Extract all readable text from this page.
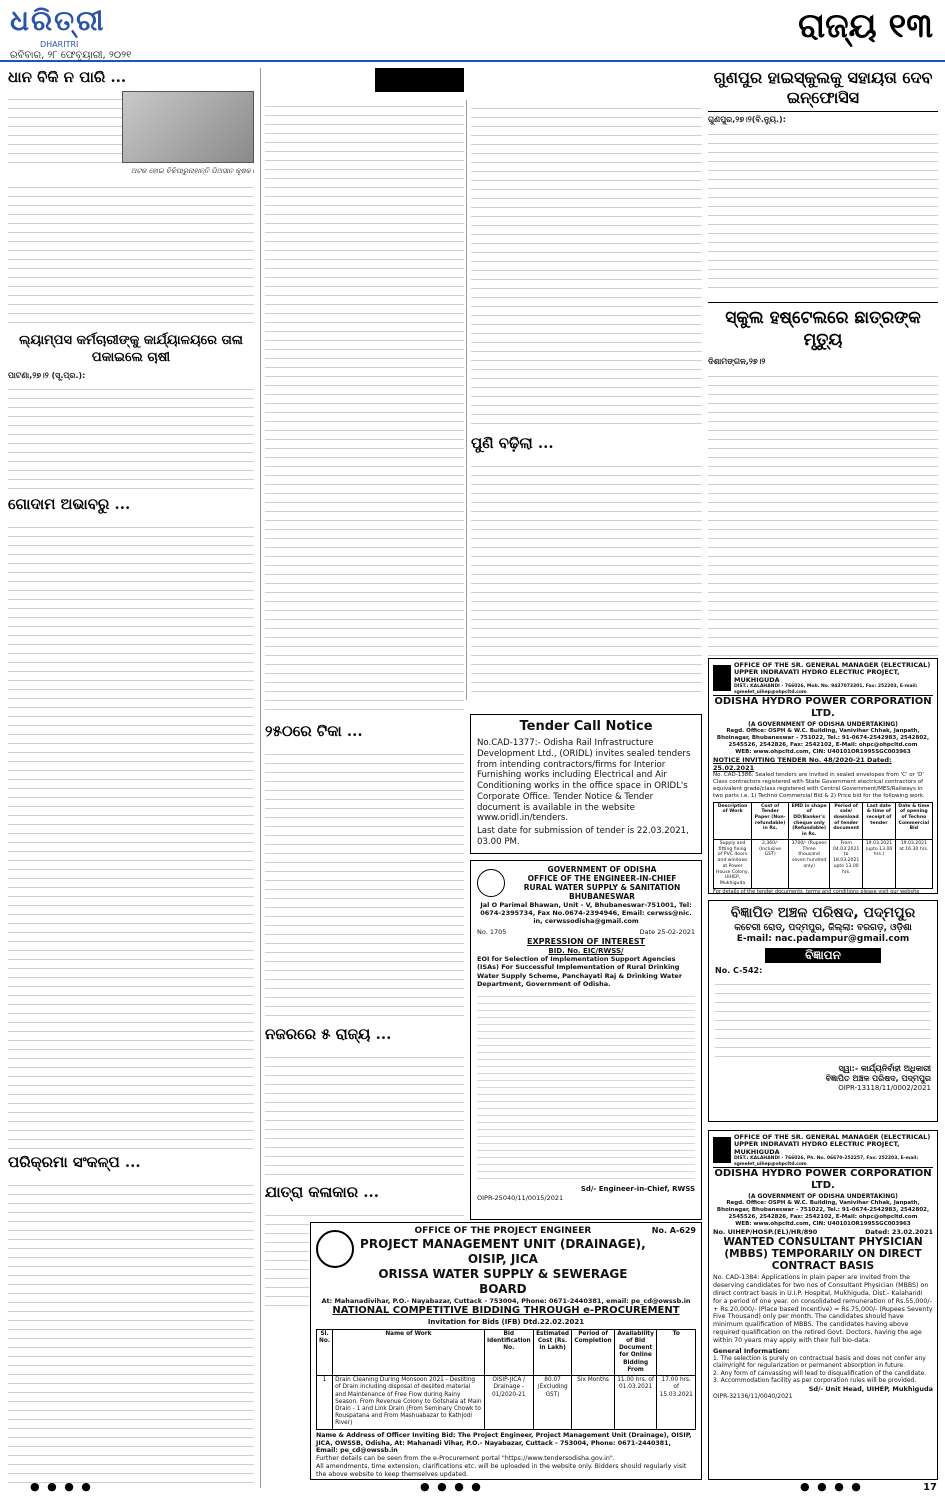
ଧରିତ୍ରୀ
DHARITRI
ରବିବାର, ୨୮ ଫେବୃୟାରୀ, ୨୦୨୧
ରାଜ୍ୟ ୧୩
ଧାନ ବିକି ନ ପାରି ...
ଅଟକ ହୋଇ ବିକିପାରୁନାହାନ୍ତି ପିଅସାନ କୃଷକ।
ଲ୍ୟାମ୍ପସ କର୍ମଚାରୀଙ୍କୁ କାର୍ଯ୍ୟାଳୟରେ ତାଳା ପକାଇଲେ ଚାଷୀ
ପାଟଣା,୨୭।୨ (ସୂ.ପ୍ର.):
ଗୋଦାମ ଅଭାବରୁ ...
ପରିକ୍ରମା ସଂକଳ୍ପ ...
୨୫୦ରେ ଟିକା ...
ନଜରରେ ୫ ରାଜ୍ୟ ...
ଯାତ୍ରା କଳାକାର ...
ପୁଣି ବଢ଼ିଲା ...
Tender Call Notice
No.CAD-1377:- Odisha Rail Infrastructure Development Ltd., (ORIDL) invites sealed tenders from intending contractors/firms for Interior Furnishing works including Electrical and Air Conditioning works in the office space in ORIDL's Corporate Office. Tender Notice & Tender document is available in the website www.oridl.in/tenders.
Last date for submission of tender is 22.03.2021, 03.00 PM.
GOVERNMENT OF ODISHA
OFFICE OF THE ENGINEER-IN-CHIEF
RURAL WATER SUPPLY & SANITATION
BHUBANESWAR
Jal O Parimal Bhawan, Unit - V, Bhubaneswar-751001, Tel: 0674-2395734, Fax No.0674-2394946, Email: cerwss@nic. in, cerwssodisha@gmail.com
No. 1705	Date 25-02-2021
EXPRESSION OF INTEREST
BID. No. EIC/RWSS/
EOI for Selection of Implementation Support Agencies (ISAs) For Successful Implementation of Rural Drinking Water Supply Scheme, Panchayati Raj & Drinking Water Department, Government of Odisha.
Sd/- Engineer-in-Chief, RWSS
OIPR-25040/11/0015/2021
ଗୁଣପୁର ହାଇସ୍କୁଲକୁ ସହାୟତା ଦେବ ଇନ୍‌ଫୋସିସ
ଗୁଣପୁର,୨୭।୨(ବି.ନ୍ୟୁ.):
ସ୍କୁଲ ହଷ୍ଟେଲରେ ଛାତ୍ରଙ୍କ ମୃତ୍ୟୁ
ଦିଶାମଙ୍ଗଳ,୨୭।୨
OFFICE OF THE SR. GENERAL MANAGER (ELECTRICAL)
UPPER INDRAVATI HYDRO ELECTRIC PROJECT, MUKHIGUDA
DIST.: KALAHANDI - 766026, Mob. No. 9437073301, Fax: 252203, E-mail: sgmelet_uihep@ohpcltd.com
ODISHA HYDRO POWER CORPORATION LTD.
(A GOVERNMENT OF ODISHA UNDERTAKING)
Regd. Office: OSPH & W.C. Building, Vanivihar Chhak, Janpath, Bhoinagar, Bhubaneswar - 751022, Tel.: 91-0674-2542983, 2542802, 2545526, 2542826, Fax: 2542102, E-Mail: ohpc@ohpcltd.com
WEB: www.ohpcltd.com, CIN: U40101OR1995SGC003963
NOTICE INVITING TENDER No. 48/2020-21 Dated: 25.02.2021
No. CAD-1386: Sealed tenders are invited in sealed envelopes from 'C' or 'D' Class contractors registered with State Government electrical contractors of equivalent grade/class registered with Central Government/MES/Railways in two parts i.e. 1) Techno Commercial Bid & 2) Price bid for the following work.
Description of Work	Cost of Tender Paper (Non-refundable) in Rs.	EMD in shape of DD/Banker's cheque only (Refundable) in Rs.	Period of sale/ download of tender document	Last date & time of receipt of tender	Date & time of opening of Techno Commercial Bid
Supply and fitting fixing of PVC doors and windows at Power House Colony, UIHEP, Mukhiguda	2,360/- (Inclusive GST)	3700/- (Rupees Three thousand seven hundred only)	From 04.03.2021 to 18.03.2021 upto 13.00 hrs.	19.03.2021 (upto 13.00 hrs.)	19.03.2021 at 16.30 hrs.
For details of the tender documents, terms and conditions please visit our website
ବିଜ୍ଞାପିତ ଅଞ୍ଚଳ ପରିଷଦ, ପଦ୍ମପୁର
କଚେରୀ ରୋଡ୍, ପଦ୍ମପୁର, ଜିଲ୍ଲା: ବରଗଡ଼, ଓଡ଼ିଶା
E-mail: nac.padampur@gmail.com
ବିଜ୍ଞାପନ
No. C-542:
ସ୍ୱା:- କାର୍ଯ୍ୟନିର୍ବାହୀ ଅଧିକାରୀ
ବିଜ୍ଞାପିତ ଅଞ୍ଚଳ ପରିଷଦ, ପଦ୍ମପୁର
OIPR-13118/11/0002/2021
OFFICE OF THE SR. GENERAL MANAGER (ELECTRICAL)
UPPER INDRAVATI HYDRO ELECTRIC PROJECT, MUKHIGUDA
DIST.: KALAHANDI - 766026, Ph. No. 06670-252257, Fax: 252203, E-mail: sgmelet_uihep@ohpcltd.com
ODISHA HYDRO POWER CORPORATION LTD.
(A GOVERNMENT OF ODISHA UNDERTAKING)
Regd. Office: OSPH & W.C. Building, Vanivihar Chhak, Janpath, Bhoinagar, Bhubaneswar - 751022, Tel.: 91-0674-2542983, 2542802, 2545526, 2542826, Fax: 2542102, E-Mail: ohpc@ohpcltd.com
WEB: www.ohpcltd.com, CIN: U40101OR1995SGC003963
No. UIHEP/HOSP.(EL)/HR/890	Dated: 23.02.2021
WANTED CONSULTANT PHYSICIAN (MBBS) TEMPORARILY ON DIRECT CONTRACT BASIS
No. CAD-1384: Applications in plain paper are invited from the deserving candidates for two nos of Consultant Physician (MBBS) on direct contract basis in U.I.P. Hospital, Mukhiguda, Dist.- Kalahandi for a period of one year. on consolidated remuneration of Rs.55,000/- + Rs.20,000/- (Place based Incentive) = Rs.75,000/- (Rupees Seventy Five Thousand) only per month. The candidates should have minimum qualification of MBBS. The candidates having above required qualification on the retired Govt. Doctors, having the age within 70 years may apply with their full bio-data.
General Information:
1. The selection is purely on contractual basis and does not confer any claim/right for regularization or permanent absorption in future.
2. Any form of canvassing will lead to disqualification of the candidate.
3. Accommodation facility as per corporation rules will be provided.
Sd/- Unit Head, UIHEP, Mukhiguda
OIPR-32136/11/0040/2021
OFFICE OF THE PROJECT ENGINEER
PROJECT MANAGEMENT UNIT (DRAINAGE), OISIP, JICA
ORISSA WATER SUPPLY & SEWERAGE BOARD
No. A-629
At: Mahanadivihar, P.O.- Nayabazar, Cuttack - 753004, Phone: 0671-2440381, email: pe_cd@owssb.in
NATIONAL COMPETITIVE BIDDING THROUGH e-PROCUREMENT
Invitation for Bids (IFB) Dtd.22.02.2021
Sl. No.	Name of Work	Bid Identification No.	Estimated Cost (Rs. in Lakh)	Period of Completion	Availability of Bid Document for Online Bidding From	To
1	Drain Cleaning During Monsoon 2021 - Desilting of Drain including disposal of desilted material and Maintenance of Free Flow during Rainy Season. From Revenue Colony to Gotshala at Main Drain - 1 and Link Drain (From Seminary Chowk to Rouspatana and From Mashuabazar to Kathjodi River)	OISIP-JICA / Drainage - 01/2020-21	80.07 (Excluding GST)	Six Months	11.00 hrs. of 01.03.2021	17.00 hrs. of 15.03.2021
Name & Address of Officer Inviting Bid: The Project Engineer, Project Management Unit (Drainage), OISIP, JICA, OWSSB, Odisha, At: Mahanadi Vihar, P.O.- Nayabazar, Cuttack - 753004, Phone: 0671-2440381,
Email: pe_cd@owssb.in
Further details can be seen from the e-Procurement portal "https://www.tendersodisha.gov.in".
All amendments, time extension, clarifications etc. will be uploaded in the website only. Bidders should regularly visit the above website to keep themselves updated.
17
● ● ● ●	● ● ● ●	● ● ● ●
